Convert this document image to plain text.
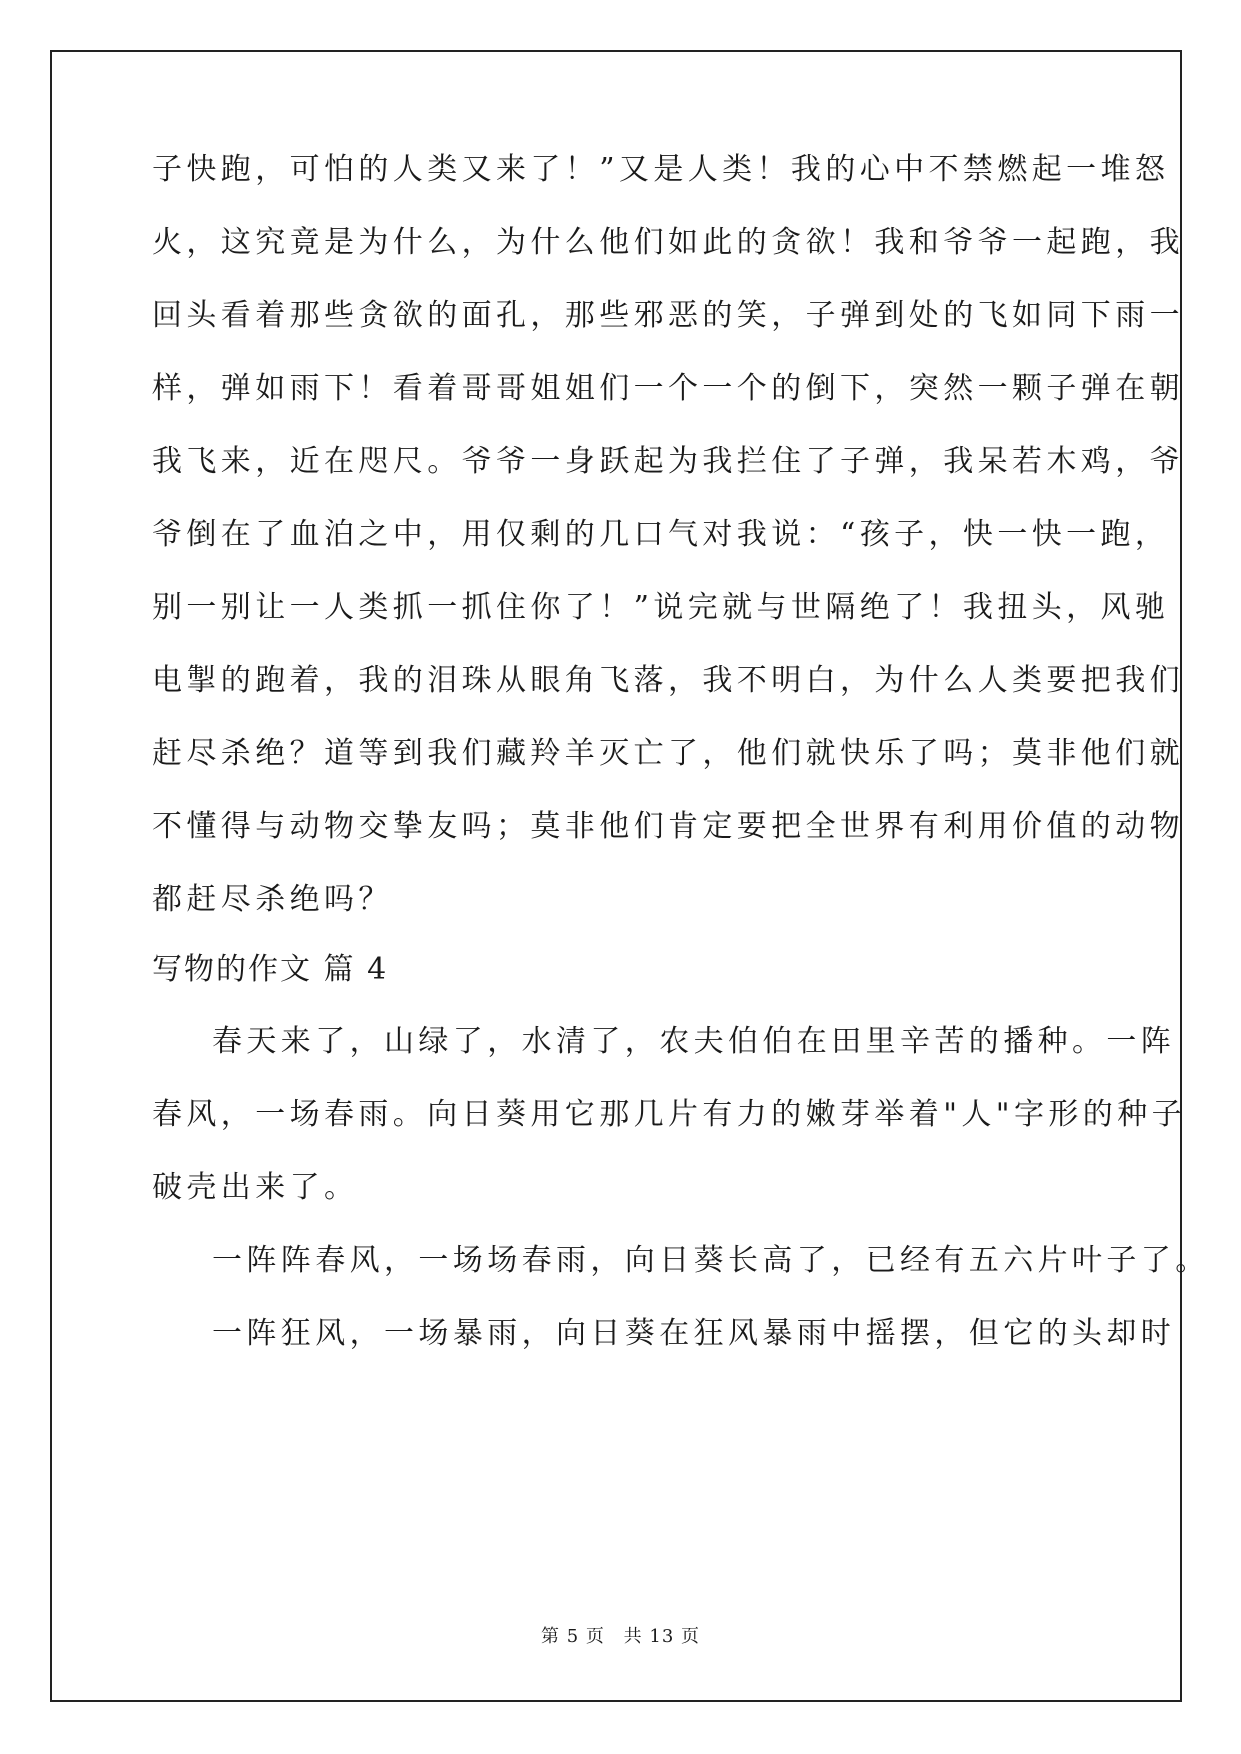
子快跑，可怕的人类又来了！”又是人类！我的心中不禁燃起一堆怒
火，这究竟是为什么，为什么他们如此的贪欲！我和爷爷一起跑，我
回头看着那些贪欲的面孔，那些邪恶的笑，子弹到处的飞如同下雨一
样，弹如雨下！看着哥哥姐姐们一个一个的倒下，突然一颗子弹在朝
我飞来，近在咫尺。爷爷一身跃起为我拦住了子弹，我呆若木鸡，爷
爷倒在了血泊之中，用仅剩的几口气对我说：“孩子，快一快一跑，
别一别让一人类抓一抓住你了！”说完就与世隔绝了！我扭头，风驰
电掣的跑着，我的泪珠从眼角飞落，我不明白，为什么人类要把我们
赶尽杀绝？道等到我们藏羚羊灭亡了，他们就快乐了吗；莫非他们就
不懂得与动物交挚友吗；莫非他们肯定要把全世界有利用价值的动物
都赶尽杀绝吗？
写物的作文 篇 4
春天来了，山绿了，水清了，农夫伯伯在田里辛苦的播种。一阵
春风，一场春雨。向日葵用它那几片有力的嫩芽举着"人"字形的种子
破壳出来了。
一阵阵春风，一场场春雨，向日葵长高了，已经有五六片叶子了。
一阵狂风，一场暴雨，向日葵在狂风暴雨中摇摆，但它的头却时
第 5 页 共 13 页
